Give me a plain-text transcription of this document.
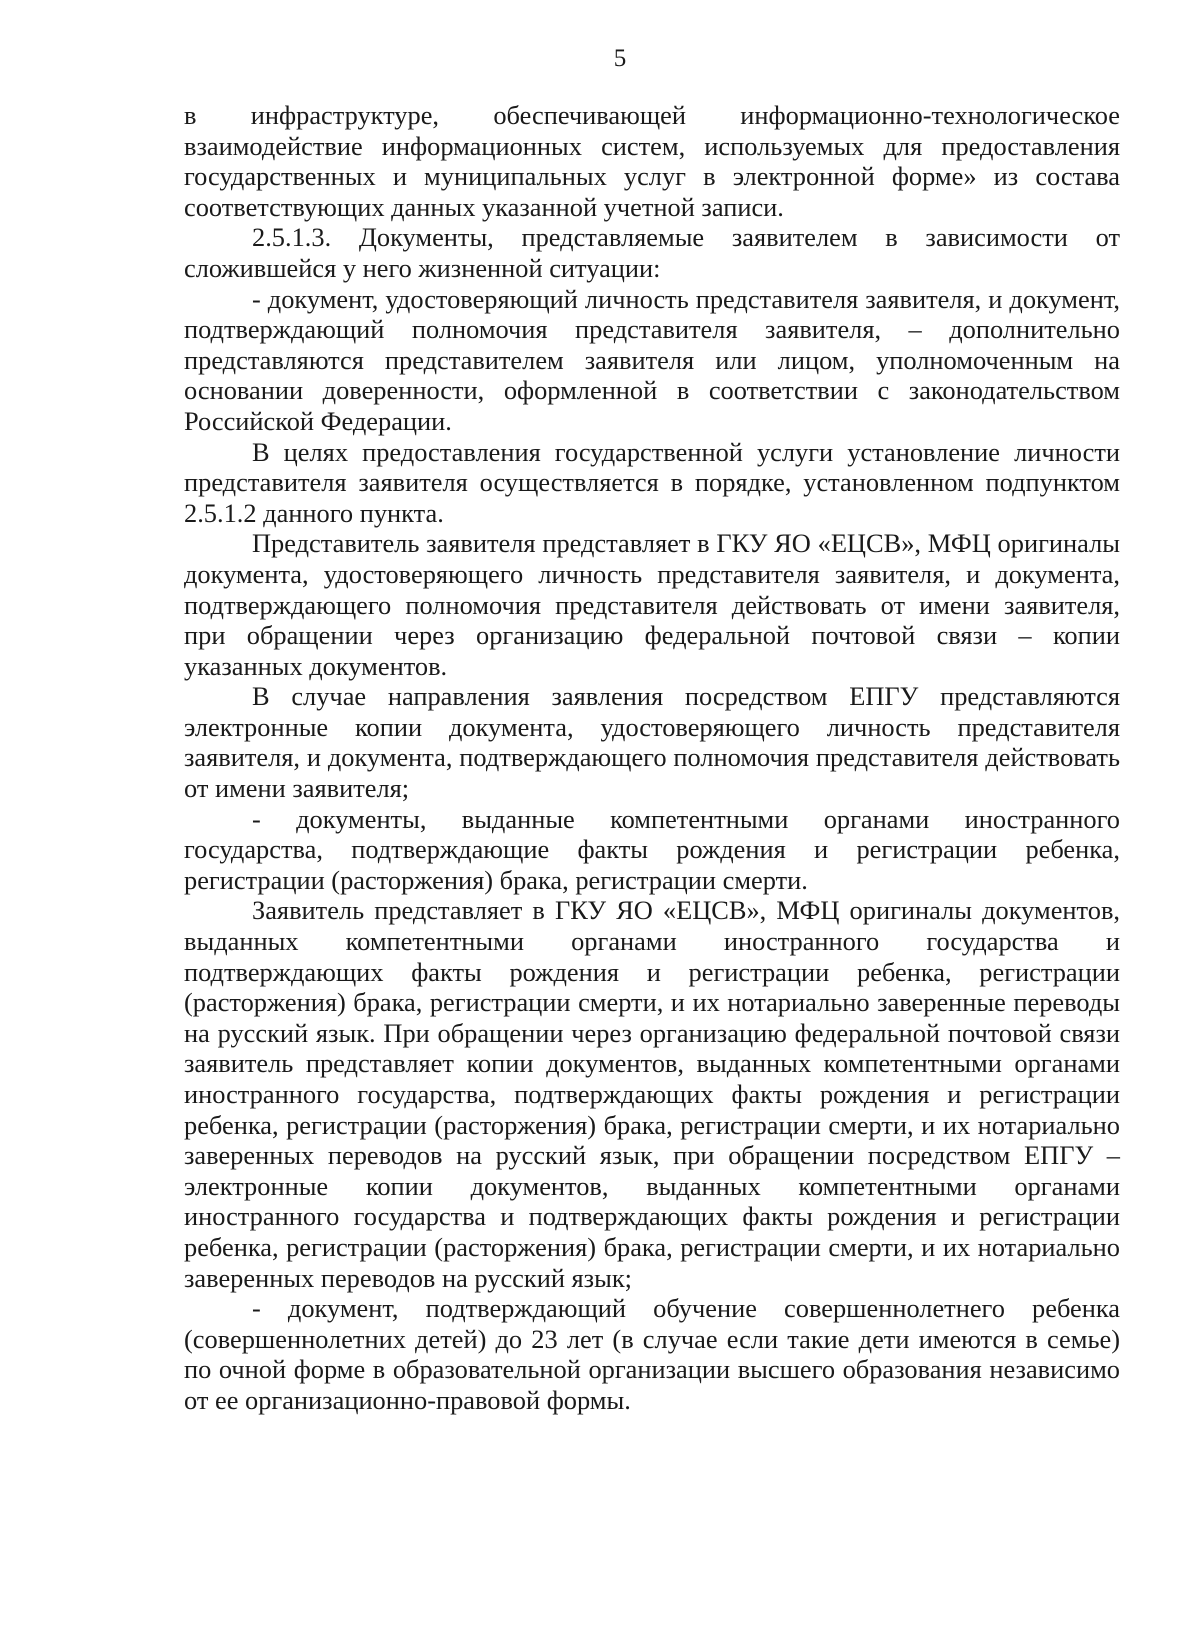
5

в инфраструктуре, обеспечивающей информационно-технологическое взаимодействие информационных систем, используемых для предоставления государственных и муниципальных услуг в электронной форме» из состава соответствующих данных указанной учетной записи.

2.5.1.3. Документы, представляемые заявителем в зависимости от сложившейся у него жизненной ситуации:

- документ, удостоверяющий личность представителя заявителя, и документ, подтверждающий полномочия представителя заявителя, – дополнительно представляются представителем заявителя или лицом, уполномоченным на основании доверенности, оформленной в соответствии с законодательством Российской Федерации.

В целях предоставления государственной услуги установление личности представителя заявителя осуществляется в порядке, установленном подпунктом 2.5.1.2 данного пункта.

Представитель заявителя представляет в ГКУ ЯО «ЕЦСВ», МФЦ оригиналы документа, удостоверяющего личность представителя заявителя, и документа, подтверждающего полномочия представителя действовать от имени заявителя, при обращении через организацию федеральной почтовой связи – копии указанных документов.

В случае направления заявления посредством ЕПГУ представляются электронные копии документа, удостоверяющего личность представителя заявителя, и документа, подтверждающего полномочия представителя действовать от имени заявителя;

- документы, выданные компетентными органами иностранного государства, подтверждающие факты рождения и регистрации ребенка, регистрации (расторжения) брака, регистрации смерти.

Заявитель представляет в ГКУ ЯО «ЕЦСВ», МФЦ оригиналы документов, выданных компетентными органами иностранного государства и подтверждающих факты рождения и регистрации ребенка, регистрации (расторжения) брака, регистрации смерти, и их нотариально заверенные переводы на русский язык. При обращении через организацию федеральной почтовой связи заявитель представляет копии документов, выданных компетентными органами иностранного государства, подтверждающих факты рождения и регистрации ребенка, регистрации (расторжения) брака, регистрации смерти, и их нотариально заверенных переводов на русский язык, при обращении посредством ЕПГУ – электронные копии документов, выданных компетентными органами иностранного государства и подтверждающих факты рождения и регистрации ребенка, регистрации (расторжения) брака, регистрации смерти, и их нотариально заверенных переводов на русский язык;

- документ, подтверждающий обучение совершеннолетнего ребенка (совершеннолетних детей) до 23 лет (в случае если такие дети имеются в семье) по очной форме в образовательной организации высшего образования независимо от ее организационно-правовой формы.
